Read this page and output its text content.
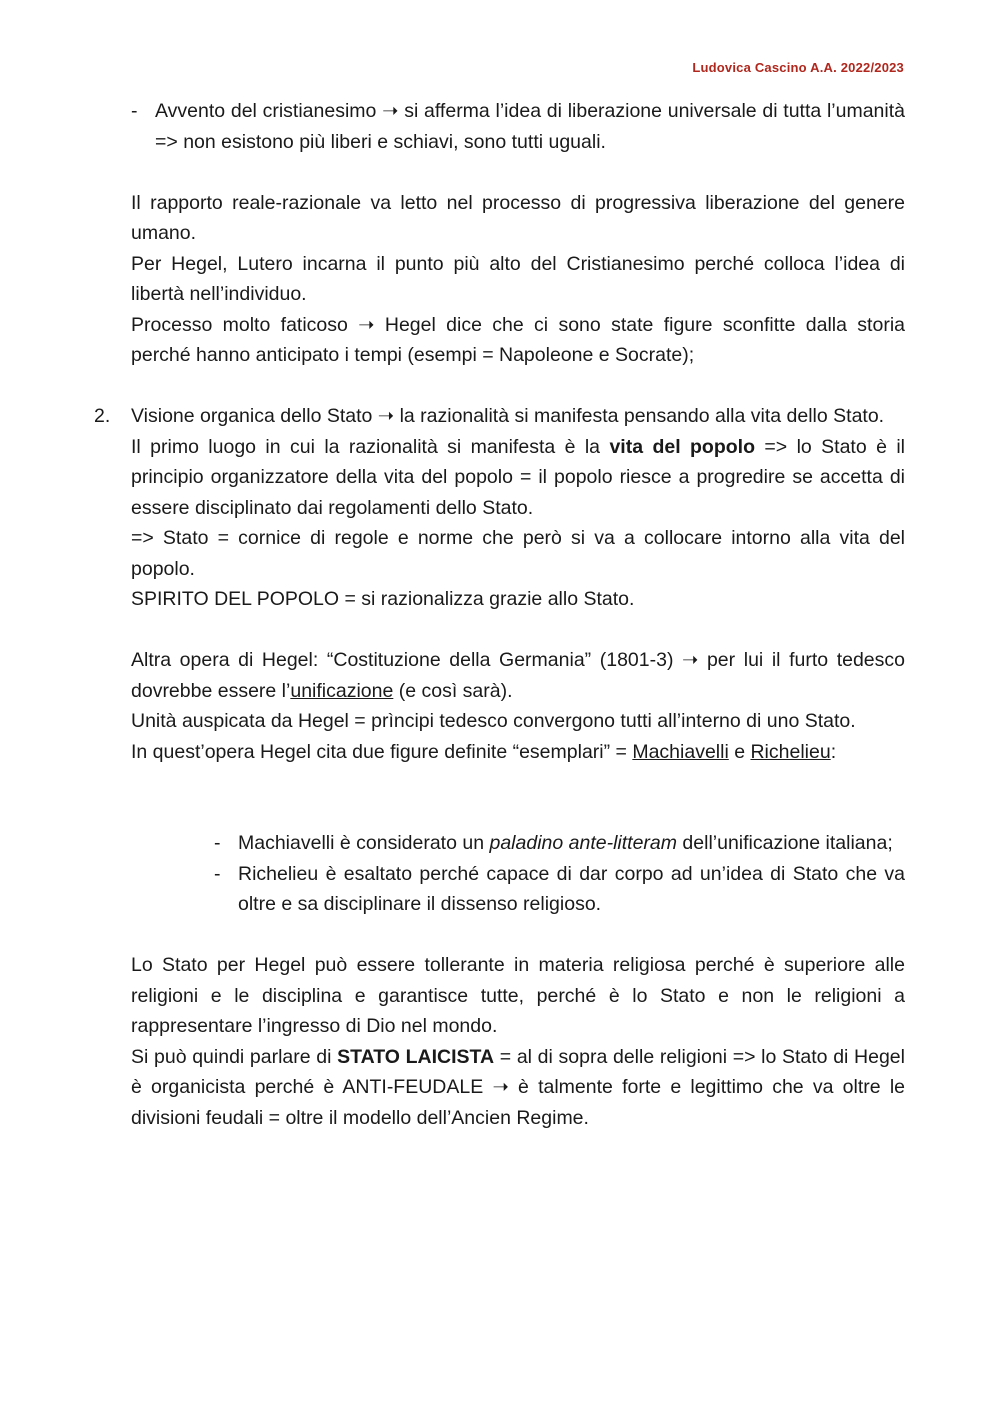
Ludovica Cascino A.A. 2022/2023
- Avvento del cristianesimo ➝ si afferma l’idea di liberazione universale di tutta l’umanità => non esistono più liberi e schiavi, sono tutti uguali.

Il rapporto reale-razionale va letto nel processo di progressiva liberazione del genere umano.

Per Hegel, Lutero incarna il punto più alto del Cristianesimo perché colloca l’idea di libertà nell’individuo.

Processo molto faticoso ➝ Hegel dice che ci sono state figure sconfitte dalla storia perché hanno anticipato i tempi (esempi = Napoleone e Socrate);

2. Visione organica dello Stato ➝ la razionalità si manifesta pensando alla vita dello Stato.

Il primo luogo in cui la razionalità si manifesta è la vita del popolo => lo Stato è il principio organizzatore della vita del popolo = il popolo riesce a progredire se accetta di essere disciplinato dai regolamenti dello Stato.

=> Stato = cornice di regole e norme che però si va a collocare intorno alla vita del popolo.

SPIRITO DEL POPOLO = si razionalizza grazie allo Stato.

Altra opera di Hegel: “Costituzione della Germania” (1801-3) ➝ per lui il furto tedesco dovrebbe essere l’unificazione (e così sarà).

Unità auspicata da Hegel = prìncipi tedesco convergono tutti all’interno di uno Stato.

In quest’opera Hegel cita due figure definite “esemplari” = Machiavelli e Richelieu:

- Machiavelli è considerato un paladino ante-litteram dell’unificazione italiana;
- Richelieu è esaltato perché capace di dar corpo ad un’idea di Stato che va oltre e sa disciplinare il dissenso religioso.

Lo Stato per Hegel può essere tollerante in materia religiosa perché è superiore alle religioni e le disciplina e garantisce tutte, perché è lo Stato e non le religioni a rappresentare l’ingresso di Dio nel mondo.

Si può quindi parlare di STATO LAICISTA = al di sopra delle religioni => lo Stato di Hegel è organicista perché è ANTI-FEUDALE ➝ è talmente forte e legittimo che va oltre le divisioni feudali = oltre il modello dell’Ancien Regime.
